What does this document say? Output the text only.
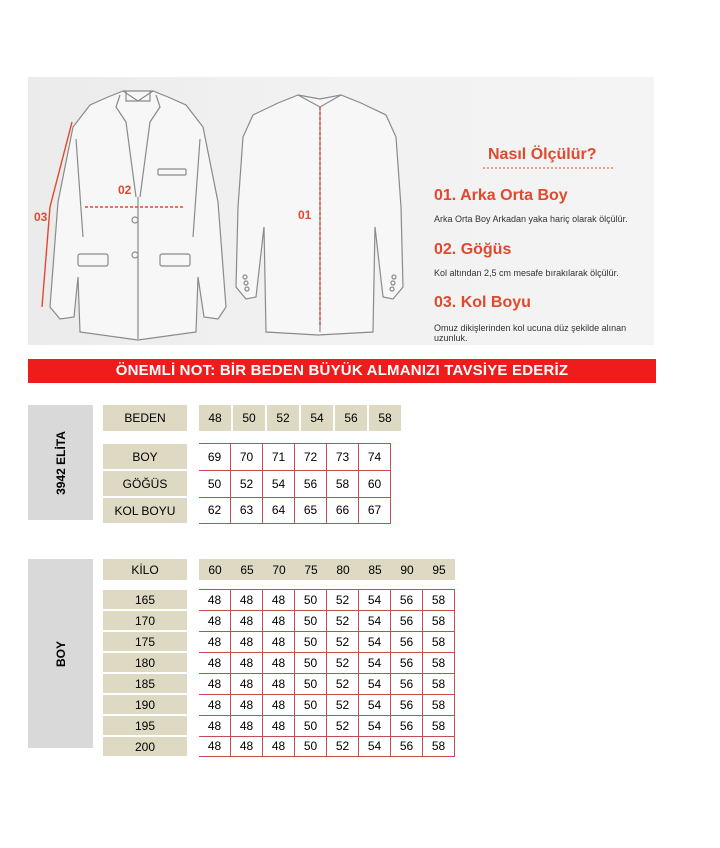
02
03	01
Nasıl Ölçülür?
01. Arka Orta Boy
Arka Orta Boy Arkadan yaka hariç olarak ölçülür.
02. Göğüs
Kol altından 2,5 cm mesafe bırakılarak ölçülür.
03. Kol Boyu
Omuz dikişlerinden kol ucuna düz şekilde alınan uzunluk.
ÖNEMLİ NOT: BİR BEDEN BÜYÜK ALMANIZI TAVSİYE EDERİZ
3942 ELİTA
BEDEN	48	50	52	54	56	58
BOY	69	70	71	72	73	74
GÖĞÜS	50	52	54	56	58	60
KOL BOYU	62	63	64	65	66	67
BOY
KİLO	60	65	70	75	80	85	90	95
165	48	48	48	50	52	54	56	58
170	48	48	48	50	52	54	56	58
175	48	48	48	50	52	54	56	58
180	48	48	48	50	52	54	56	58
185	48	48	48	50	52	54	56	58
190	48	48	48	50	52	54	56	58
195	48	48	48	50	52	54	56	58
200	48	48	48	50	52	54	56	58
